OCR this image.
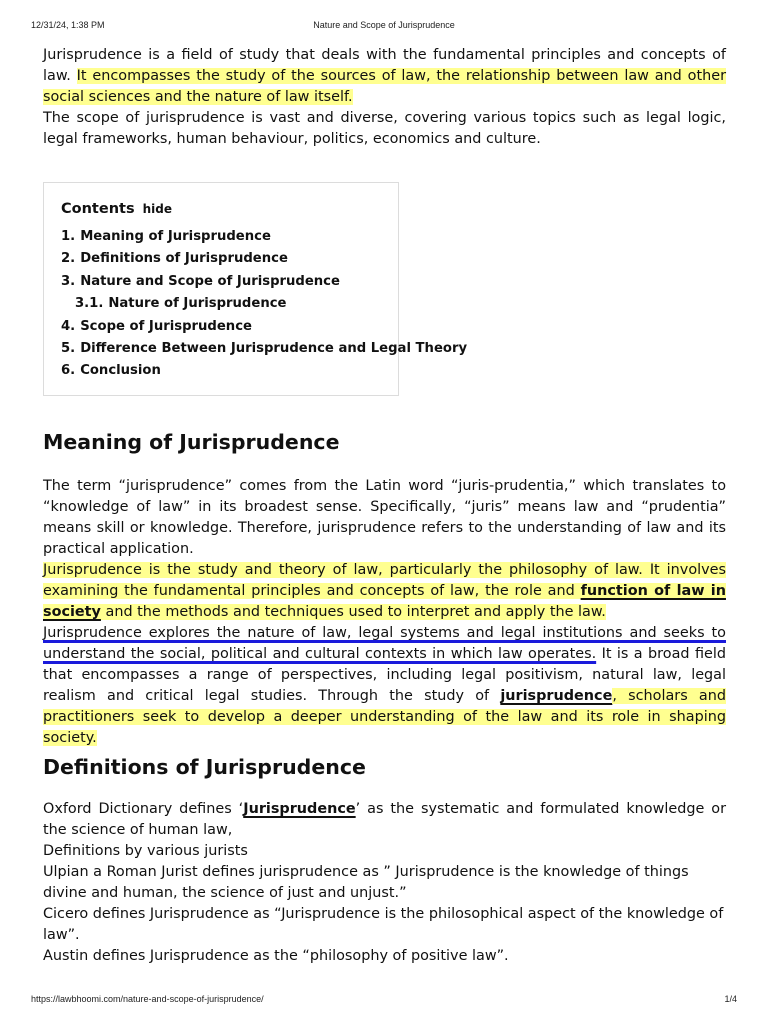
12/31/24, 1:38 PM	Nature and Scope of Jurisprudence

Jurisprudence is a field of study that deals with the fundamental principles and concepts of law. It encompasses the study of the sources of law, the relationship between law and other social sciences and the nature of law itself.

The scope of jurisprudence is vast and diverse, covering various topics such as legal logic, legal frameworks, human behaviour, politics, economics and culture.

Contents hide
1. Meaning of Jurisprudence
2. Definitions of Jurisprudence
3. Nature and Scope of Jurisprudence
3.1. Nature of Jurisprudence
4. Scope of Jurisprudence
5. Difference Between Jurisprudence and Legal Theory
6. Conclusion
Meaning of Jurisprudence

The term “jurisprudence” comes from the Latin word “juris-prudentia,” which translates to “knowledge of law” in its broadest sense. Specifically, “juris” means law and “prudentia” means skill or knowledge. Therefore, jurisprudence refers to the understanding of law and its practical application.

Jurisprudence is the study and theory of law, particularly the philosophy of law. It involves examining the fundamental principles and concepts of law, the role and function of law in society and the methods and techniques used to interpret and apply the law.

Jurisprudence explores the nature of law, legal systems and legal institutions and seeks to understand the social, political and cultural contexts in which law operates. It is a broad field that encompasses a range of perspectives, including legal positivism, natural law, legal realism and critical legal studies. Through the study of jurisprudence, scholars and practitioners seek to develop a deeper understanding of the law and its role in shaping society.

Definitions of Jurisprudence

Oxford Dictionary defines ‘Jurisprudence’ as the systematic and formulated knowledge or the science of human law,

Definitions by various jurists

Ulpian a Roman Jurist defines jurisprudence as ” Jurisprudence is the knowledge of things divine and human, the science of just and unjust.”

Cicero defines Jurisprudence as “Jurisprudence is the philosophical aspect of the knowledge of law”.

Austin defines Jurisprudence as the “philosophy of positive law”.

https://lawbhoomi.com/nature-and-scope-of-jurisprudence/	1/4
